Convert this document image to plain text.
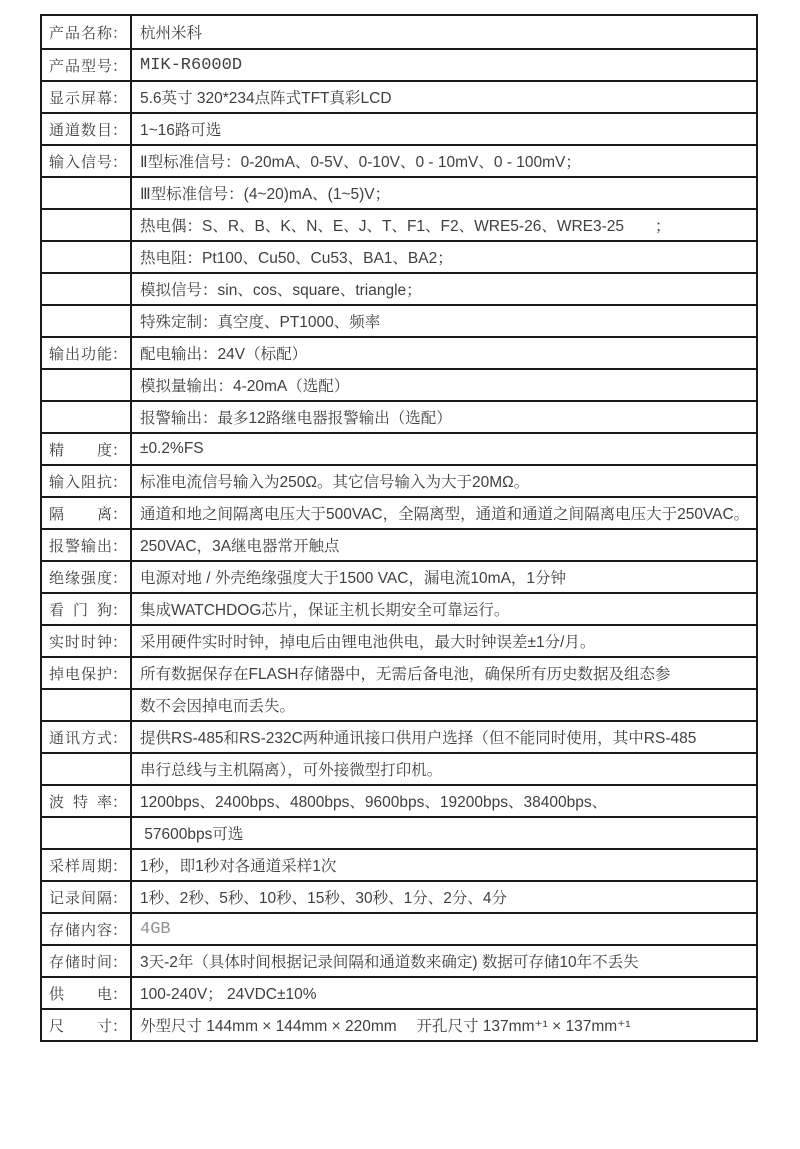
产品名称 ： 杭州米科
产品型号 ： MIK-R6000D
显示屏幕 ： 5.6英寸 320*234点阵式TFT真彩LCD
通道数目 ： 1~16路可选
输入信号 ： Ⅱ型标准信号：0-20mA、0-5V、0-10V、0 - 10mV、0 - 100mV；
Ⅲ型标准信号：(4~20)mA、(1~5)V；
热电偶：S、R、B、K、N、E、J、T、F1、F2、WRE5-26、WRE3-25　　；
热电阻：Pt100、Cu50、Cu53、BA1、BA2；
模拟信号：sin、cos、square、triangle；
特殊定制：真空度、PT1000、频率
输出功能 ： 配电输出：24V（标配）
模拟量输出：4-20mA（选配）
报警输出：最多12路继电器报警输出（选配）
精度 ： ±0.2%FS
输入阻抗 ： 标准电流信号输入为250Ω。其它信号输入为大于20MΩ。
隔离 ： 通道和地之间隔离电压大于500VAC，全隔离型，通道和通道之间隔离电压大于250VAC。
报警输出 ： 250VAC，3A继电器常开触点
绝缘强度 ： 电源对地 / 外壳绝缘强度大于1500 VAC，漏电流10mA，1分钟
看门狗 ： 集成WATCHDOG芯片，保证主机长期安全可靠运行。
实时时钟 ： 采用硬件实时时钟，掉电后由锂电池供电，最大时钟误差±1分/月。
掉电保护 ： 所有数据保存在FLASH存储器中，无需后备电池，确保所有历史数据及组态参
数不会因掉电而丢失。
通讯方式 ： 提供RS-485和RS-232C两种通讯接口供用户选择（但不能同时使用，其中RS-485
串行总线与主机隔离），可外接微型打印机。
波特率 ： 1200bps、2400bps、4800bps、9600bps、19200bps、38400bps、
57600bps可选
采样周期 ： 1秒，即1秒对各通道采样1次
记录间隔 ： 1秒、2秒、5秒、10秒、15秒、30秒、1分、2分、4分
存储内容 ： 4GB
存储时间 ： 3天-2年（具体时间根据记录间隔和通道数来确定) 数据可存储10年不丢失
供电 ： 100-240V； 24VDC±10%
尺寸 ： 外型尺寸 144mm × 144mm × 220mm　 开孔尺寸 137mm⁺¹ × 137mm⁺¹
